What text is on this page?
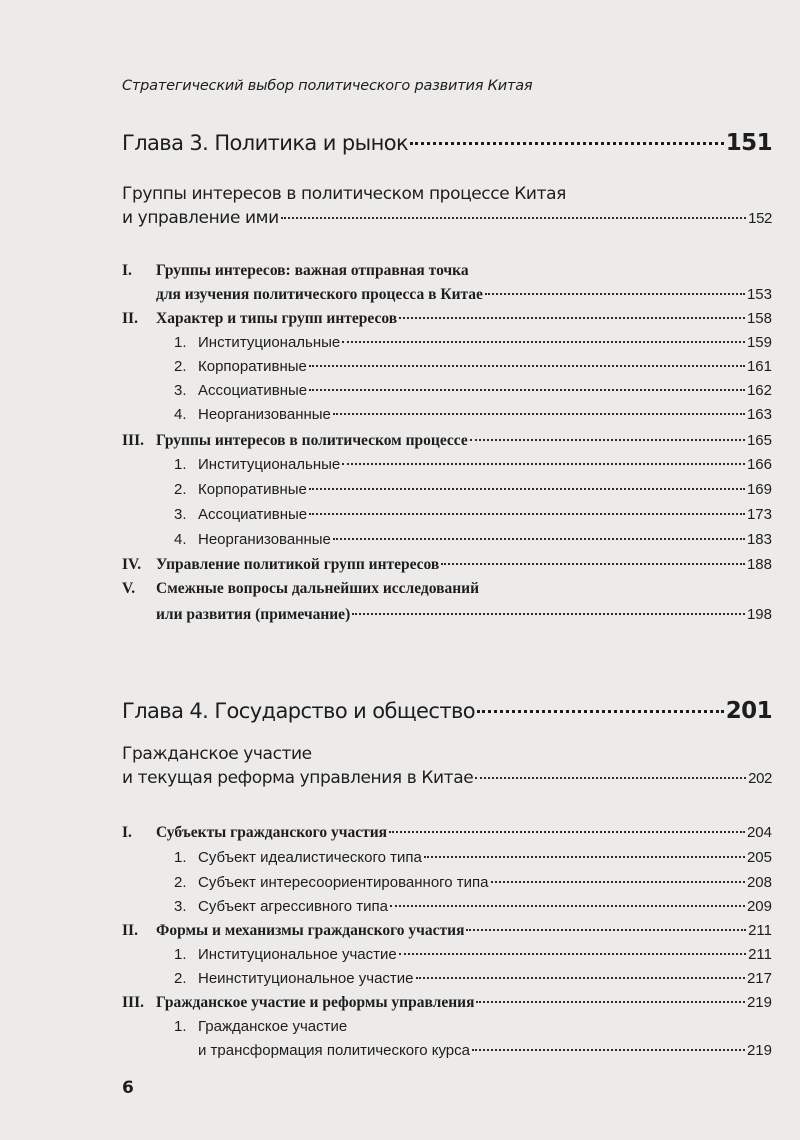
Стратегический выбор политического развития Китая
Глава 3. Политика и рынок	151
Группы интересов в политическом процессе Китая
и управление ими	152
I. Группы интересов: важная отправная точка
для изучения политического процесса в Китае	153
II. Характер и типы групп интересов	158
1. Институциональные	159
2. Корпоративные	161
3. Ассоциативные	162
4. Неорганизованные	163
III. Группы интересов в политическом процессе	165
1. Институциональные	166
2. Корпоративные	169
3. Ассоциативные	173
4. Неорганизованные	183
IV. Управление политикой групп интересов	188
V. Смежные вопросы дальнейших исследований
или развития (примечание)	198
Глава 4. Государство и общество	201
Гражданское участие
и текущая реформа управления в Китае	202
I. Субъекты гражданского участия	204
1. Субъект идеалистического типа	205
2. Субъект интересоориентированного типа	208
3. Субъект агрессивного типа	209
II. Формы и механизмы гражданского участия	211
1. Институциональное участие	211
2. Неинституциональное участие	217
III. Гражданское участие и реформы управления	219
1. Гражданское участие
и трансформация политического курса	219
6
